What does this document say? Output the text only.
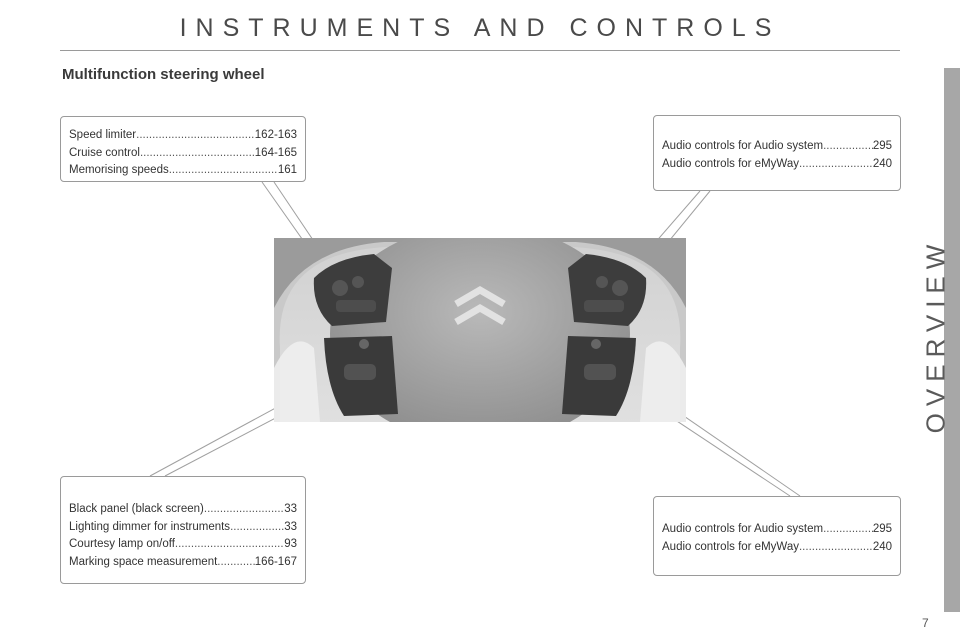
INSTRUMENTS AND CONTROLS
Multifunction steering wheel
OVERVIEW
Speed limiter .....	162-163
Cruise control .....	164-165
Memorising speeds .....	161
Audio controls for Audio system .....	295
Audio controls for eMyWay .....	240
Black panel (black screen) .....	33
Lighting dimmer for instruments .....	33
Courtesy lamp on/off .....	93
Marking space measurement .....	166-167
Audio controls for Audio system .....	295
Audio controls for eMyWay .....	240
7
